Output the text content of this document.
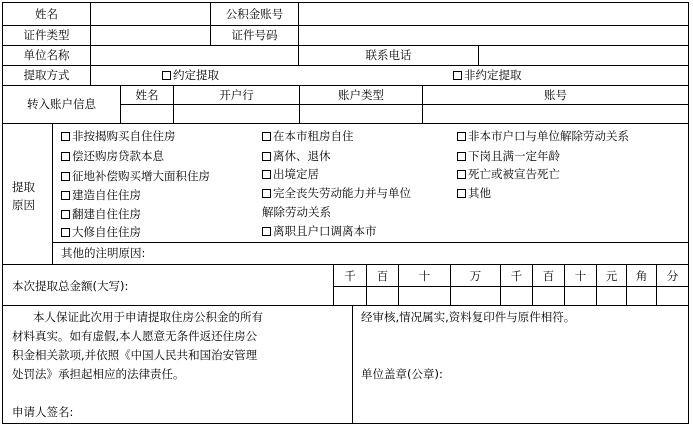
姓名	公积金账号
证件类型	证件号码
单位名称	联系电话
提取方式	约定提取	非约定提取
转入账户信息
姓名	开户行	账户类型	账号
提取
原因
非按揭购买自住住房
偿还购房贷款本息
征地补偿购买增大面积住房
建造自住住房
翻建自住住房
大修自住住房
在本市租房自住
离休、退休
出境定居
完全丧失劳动能力并与单位
解除劳动关系
离职且户口调离本市
非本市户口与单位解除劳动关系
下岗且满一定年龄
死亡或被宣告死亡
其他
其他的注明原因:
本次提取总金额(大写):
千	百	十	万	千	百	十	元	角	分
本人保证此次用于申请提取住房公积金的所有
材料真实。如有虚假,本人愿意无条件返还住房公
积金相关款项,并依照《中国人民共和国治安管理
处罚法》承担起相应的法律责任。
申请人签名:
经审核,情况属实,资料复印件与原件相符。
单位盖章(公章):
